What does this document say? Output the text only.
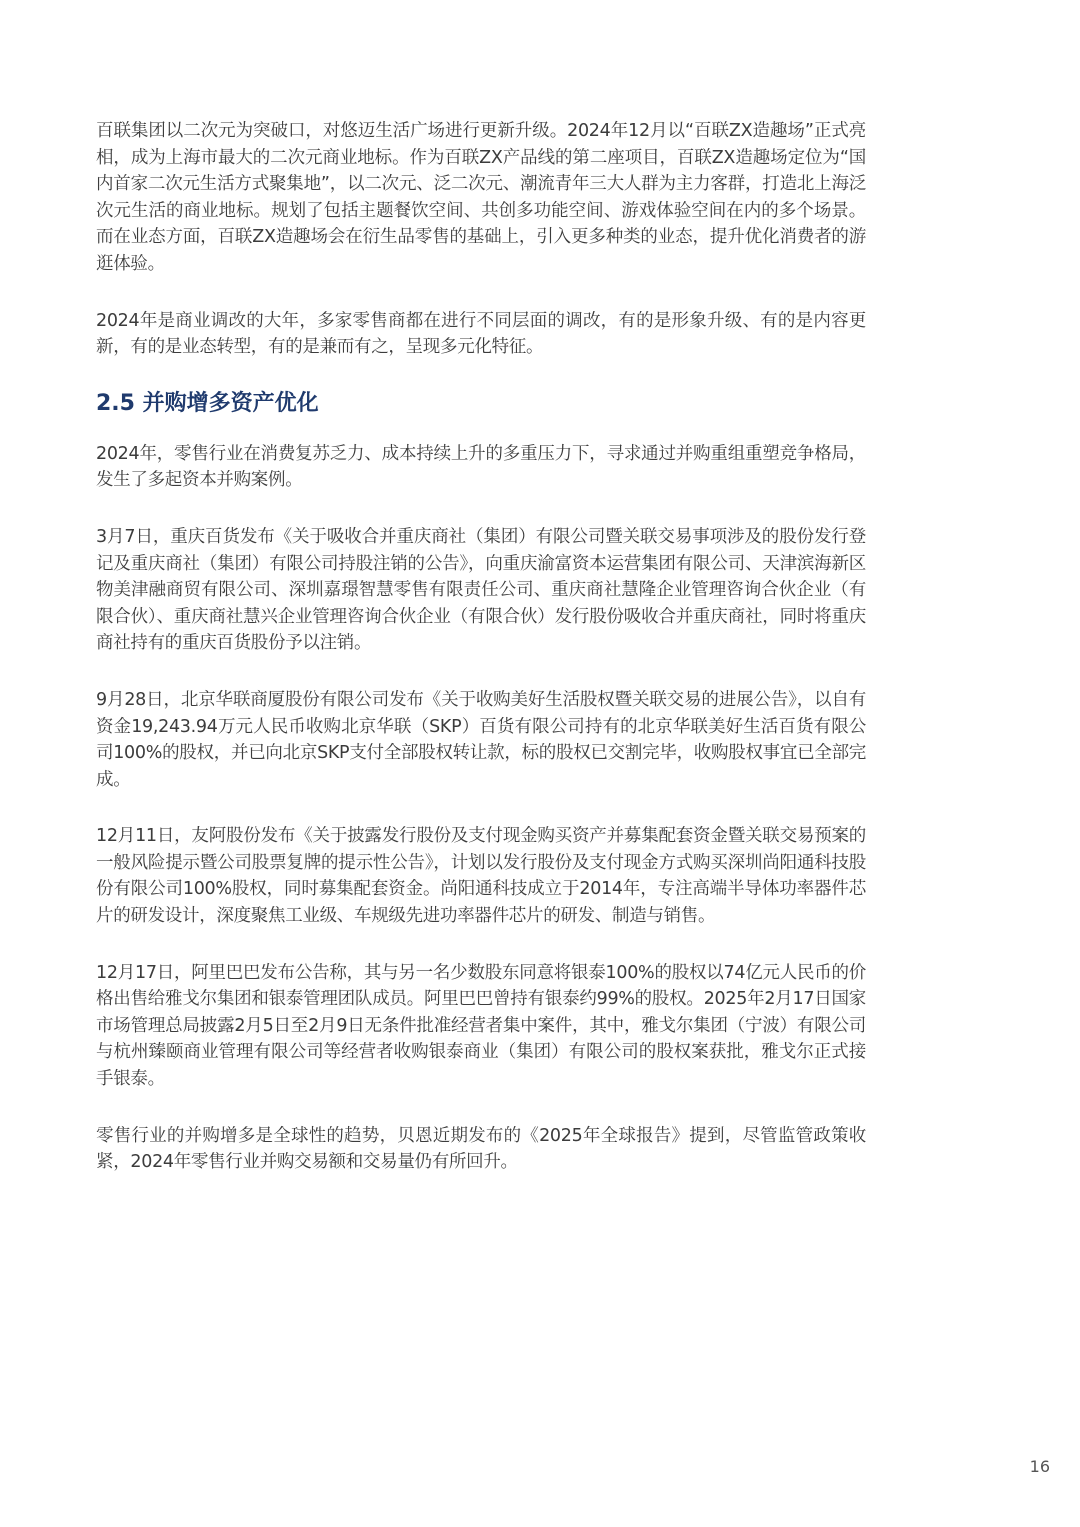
百联集团以二次元为突破口，对悠迈生活广场进行更新升级。2024年12月以“百联ZX造趣场”正式亮相，成为上海市最大的二次元商业地标。作为百联ZX产品线的第二座项目，百联ZX造趣场定位为“国内首家二次元生活方式聚集地”，以二次元、泛二次元、潮流青年三大人群为主力客群，打造北上海泛次元生活的商业地标。规划了包括主题餐饮空间、共创多功能空间、游戏体验空间在内的多个场景。而在业态方面，百联ZX造趣场会在衍生品零售的基础上，引入更多种类的业态，提升优化消费者的游逛体验。

2024年是商业调改的大年，多家零售商都在进行不同层面的调改，有的是形象升级、有的是内容更新，有的是业态转型，有的是兼而有之，呈现多元化特征。

2.5 并购增多资产优化

2024年，零售行业在消费复苏乏力、成本持续上升的多重压力下，寻求通过并购重组重塑竞争格局，发生了多起资本并购案例。

3月7日，重庆百货发布《关于吸收合并重庆商社（集团）有限公司暨关联交易事项涉及的股份发行登记及重庆商社（集团）有限公司持股注销的公告》，向重庆渝富资本运营集团有限公司、天津滨海新区物美津融商贸有限公司、深圳嘉璟智慧零售有限责任公司、重庆商社慧隆企业管理咨询合伙企业（有限合伙）、重庆商社慧兴企业管理咨询合伙企业（有限合伙）发行股份吸收合并重庆商社，同时将重庆商社持有的重庆百货股份予以注销。

9月28日，北京华联商厦股份有限公司发布《关于收购美好生活股权暨关联交易的进展公告》，以自有资金19,243.94万元人民币收购北京华联（SKP）百货有限公司持有的北京华联美好生活百货有限公司100%的股权，并已向北京SKP支付全部股权转让款，标的股权已交割完毕，收购股权事宜已全部完成。

12月11日，友阿股份发布《关于披露发行股份及支付现金购买资产并募集配套资金暨关联交易预案的一般风险提示暨公司股票复牌的提示性公告》，计划以发行股份及支付现金方式购买深圳尚阳通科技股份有限公司100%股权，同时募集配套资金。尚阳通科技成立于2014年，专注高端半导体功率器件芯片的研发设计，深度聚焦工业级、车规级先进功率器件芯片的研发、制造与销售。

12月17日，阿里巴巴发布公告称，其与另一名少数股东同意将银泰100%的股权以74亿元人民币的价格出售给雅戈尔集团和银泰管理团队成员。阿里巴巴曾持有银泰约99%的股权。2025年2月17日国家市场管理总局披露2月5日至2月9日无条件批准经营者集中案件，其中，雅戈尔集团（宁波）有限公司与杭州臻颐商业管理有限公司等经营者收购银泰商业（集团）有限公司的股权案获批，雅戈尔正式接手银泰。

零售行业的并购增多是全球性的趋势，贝恩近期发布的《2025年全球报告》提到，尽管监管政策收紧，2024年零售行业并购交易额和交易量仍有所回升。

16
